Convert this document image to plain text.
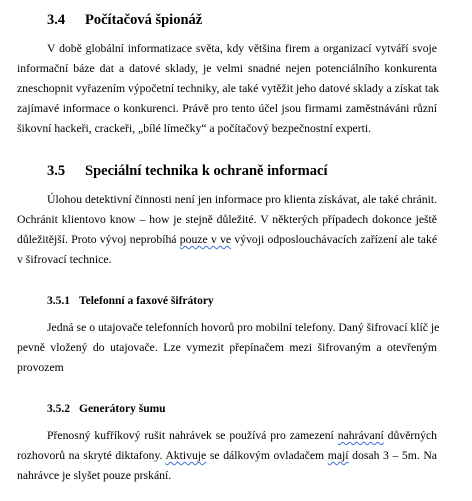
3.4 Počítačová špionáž
V době globální informatizace světa, kdy většina firem a organizací vytváří svoje
informační báze dat a datové sklady, je velmi snadné nejen potenciálního konkurenta
zneschopnit vyřazením výpočetní techniky, ale také vytěžit jeho datové sklady a získat tak
zajímavé informace o konkurenci. Právě pro tento účel jsou firmami zaměstnáváni různí
šikovní hackeři, crackeři, „bílé límečky“ a počítačový bezpečnostní experti.
3.5 Speciální technika k ochraně informací
Úlohou detektivní činnosti není jen informace pro klienta získávat, ale také chránit.
Ochránit klientovo know – how je stejně důležité. V některých případech dokonce ještě
důležitější. Proto vývoj neprobíhá pouze v ve vývoji odposlouchávacích zařízení ale také
v šifrovací technice.
3.5.1 Telefonní a faxové šifrátory
Jedná se o utajovače telefonních hovorů pro mobilní telefony. Daný šifrovací klíč je
pevně vložený do utajovače. Lze vymezit přepínačem mezi šifrovaným a otevřeným
provozem
3.5.2 Generátory šumu
Přenosný kufříkový rušit nahrávek se používá pro zamezení nahrávaní důvěrných
rozhovorů na skryté diktafony. Aktivuje se dálkovým ovladačem mají dosah 3 – 5m. Na
nahrávce je slyšet pouze prskání.
